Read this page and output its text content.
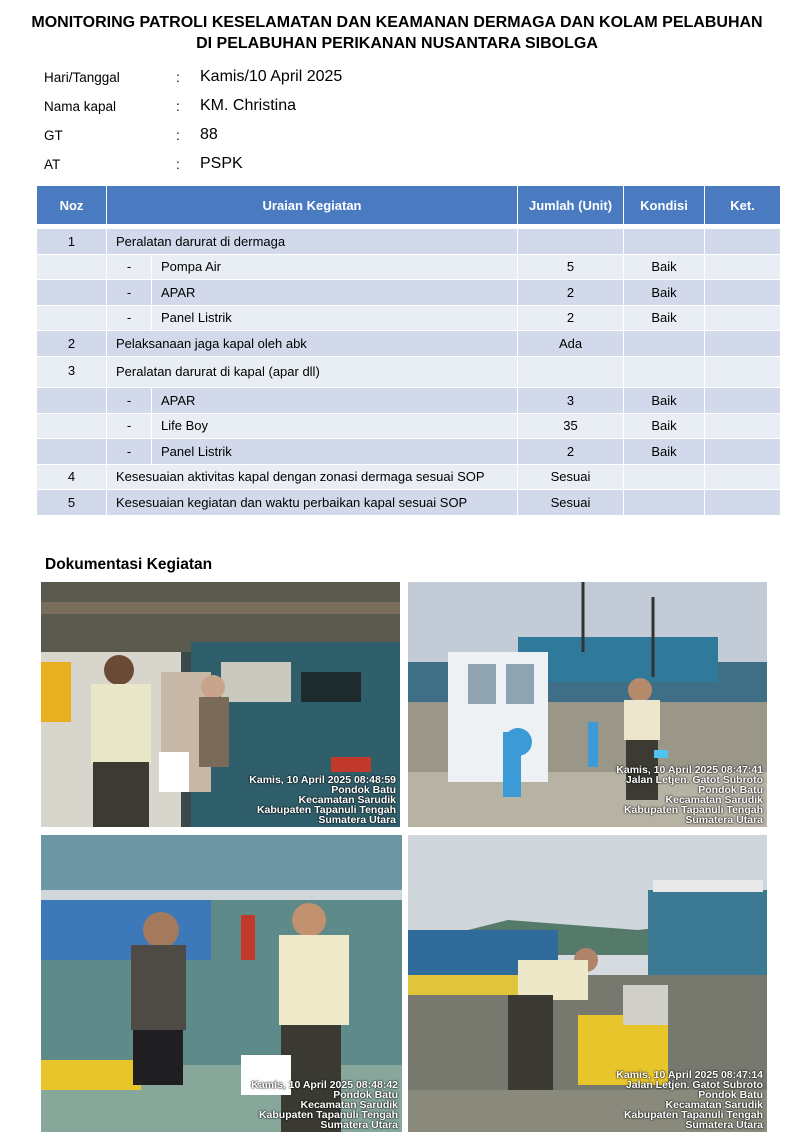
MONITORING PATROLI KESELAMATAN DAN KEAMANAN DERMAGA DAN KOLAM PELABUHAN
DI PELABUHAN PERIKANAN NUSANTARA SIBOLGA
Hari/Tanggal	: Kamis/10 April 2025
Nama kapal	: KM. Christina
GT	: 88
AT	: PSPK
Noz	Uraian Kegiatan		Jumlah (Unit)	Kondisi	Ket.

1	Peralatan darurat di dermaga				
	-	Pompa Air	5	Baik	
	-	APAR	2	Baik	
	-	Panel Listrik	2	Baik	
2	Pelaksanaan jaga kapal oleh abk		Ada		
3	Peralatan darurat di kapal (apar dll)				
	-	APAR	3	Baik	
	-	Life Boy	35	Baik	
	-	Panel Listrik	2	Baik	
4	Kesesuaian aktivitas kapal dengan zonasi dermaga sesuai SOP		Sesuai		
5	Kesesuaian kegiatan dan waktu perbaikan kapal sesuai SOP		Sesuai		
Dokumentasi Kegiatan
Kamis, 10 April 2025 08:48:59
Pondok Batu
Kecamatan Sarudik
Kabupaten Tapanuli Tengah
Sumatera Utara
Kamis, 10 April 2025 08:47:41
Jalan Letjen. Gatot Subroto
Pondok Batu
Kecamatan Sarudik
Kabupaten Tapanuli Tengah
Sumatera Utara
Kamis, 10 April 2025 08:48:42
Pondok Batu
Kecamatan Sarudik
Kabupaten Tapanuli Tengah
Sumatera Utara
Kamis, 10 April 2025 08:47:14
Jalan Letjen. Gatot Subroto
Pondok Batu
Kecamatan Sarudik
Kabupaten Tapanuli Tengah
Sumatera Utara
